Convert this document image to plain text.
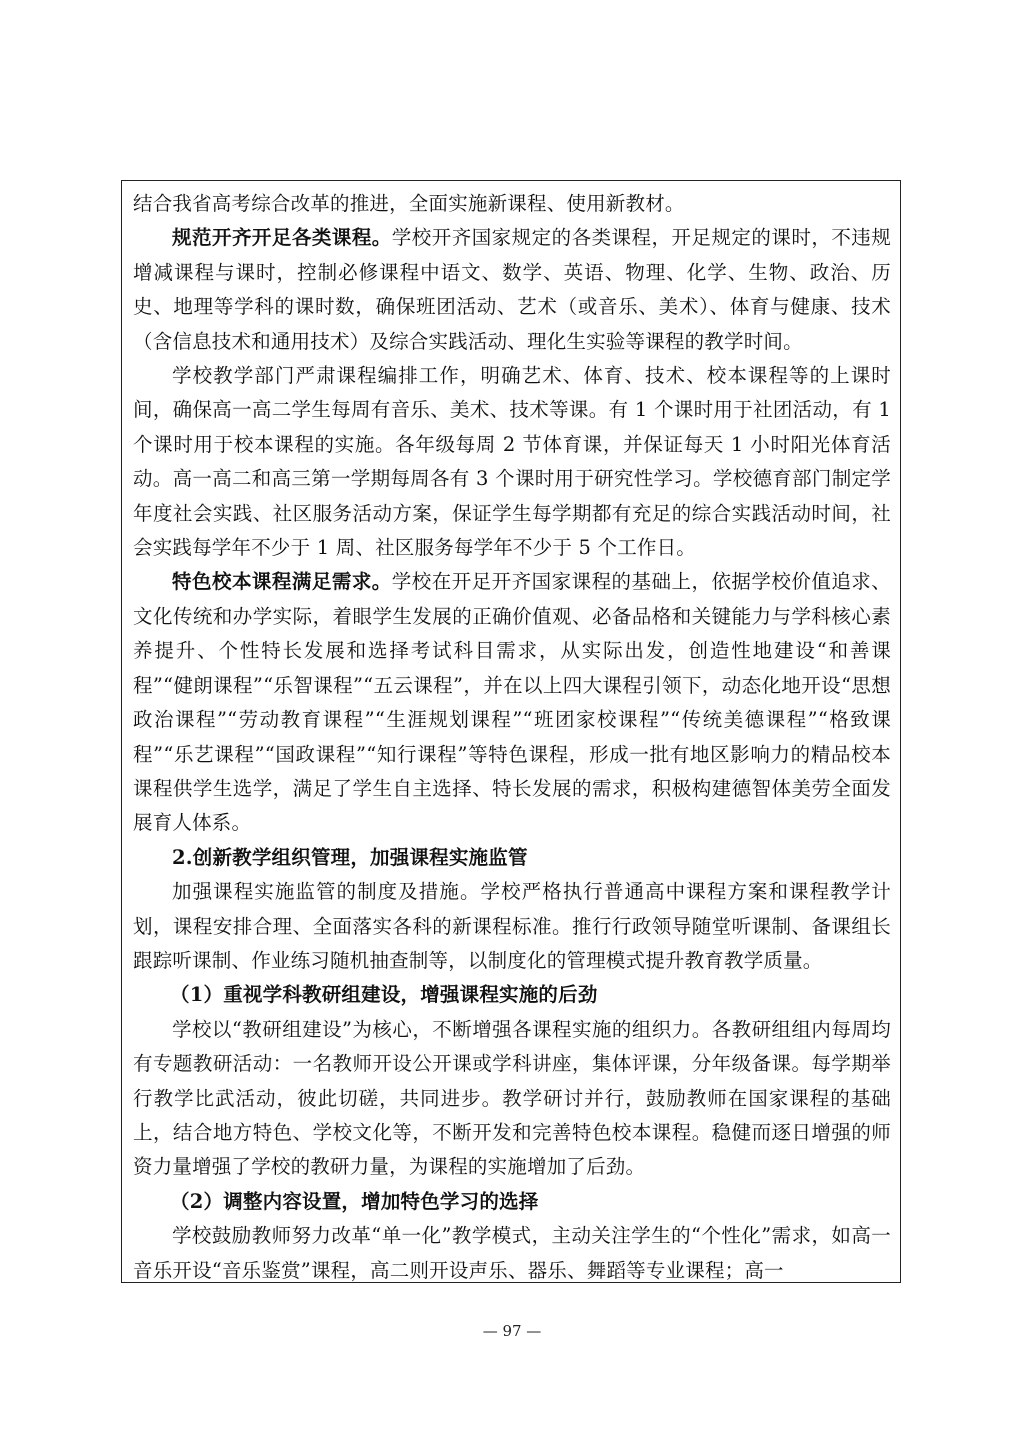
结合我省高考综合改革的推进，全面实施新课程、使用新教材。

规范开齐开足各类课程。学校开齐国家规定的各类课程，开足规定的课时，不违规增减课程与课时，控制必修课程中语文、数学、英语、物理、化学、生物、政治、历史、地理等学科的课时数，确保班团活动、艺术（或音乐、美术）、体育与健康、技术（含信息技术和通用技术）及综合实践活动、理化生实验等课程的教学时间。

学校教学部门严肃课程编排工作，明确艺术、体育、技术、校本课程等的上课时间，确保高一高二学生每周有音乐、美术、技术等课。有 1 个课时用于社团活动，有 1 个课时用于校本课程的实施。各年级每周 2 节体育课，并保证每天 1 小时阳光体育活动。高一高二和高三第一学期每周各有 3 个课时用于研究性学习。学校德育部门制定学年度社会实践、社区服务活动方案，保证学生每学期都有充足的综合实践活动时间，社会实践每学年不少于 1 周、社区服务每学年不少于 5 个工作日。

特色校本课程满足需求。学校在开足开齐国家课程的基础上，依据学校价值追求、文化传统和办学实际，着眼学生发展的正确价值观、必备品格和关键能力与学科核心素养提升、个性特长发展和选择考试科目需求，从实际出发，创造性地建设“和善课程”“健朗课程”“乐智课程”“五云课程”，并在以上四大课程引领下，动态化地开设“思想政治课程”“劳动教育课程”“生涯规划课程”“班团家校课程”“传统美德课程”“格致课程”“乐艺课程”“国政课程”“知行课程”等特色课程，形成一批有地区影响力的精品校本课程供学生选学，满足了学生自主选择、特长发展的需求，积极构建德智体美劳全面发展育人体系。

2.创新教学组织管理，加强课程实施监管

加强课程实施监管的制度及措施。学校严格执行普通高中课程方案和课程教学计划，课程安排合理、全面落实各科的新课程标准。推行行政领导随堂听课制、备课组长跟踪听课制、作业练习随机抽查制等，以制度化的管理模式提升教育教学质量。

（1）重视学科教研组建设，增强课程实施的后劲

学校以“教研组建设”为核心，不断增强各课程实施的组织力。各教研组组内每周均有专题教研活动：一名教师开设公开课或学科讲座，集体评课，分年级备课。每学期举行教学比武活动，彼此切磋，共同进步。教学研讨并行，鼓励教师在国家课程的基础上，结合地方特色、学校文化等，不断开发和完善特色校本课程。稳健而逐日增强的师资力量增强了学校的教研力量，为课程的实施增加了后劲。

（2）调整内容设置，增加特色学习的选择

学校鼓励教师努力改革“单一化”教学模式，主动关注学生的“个性化”需求，如高一音乐开设“音乐鉴赏”课程，高二则开设声乐、器乐、舞蹈等专业课程；高一

— 97 —
